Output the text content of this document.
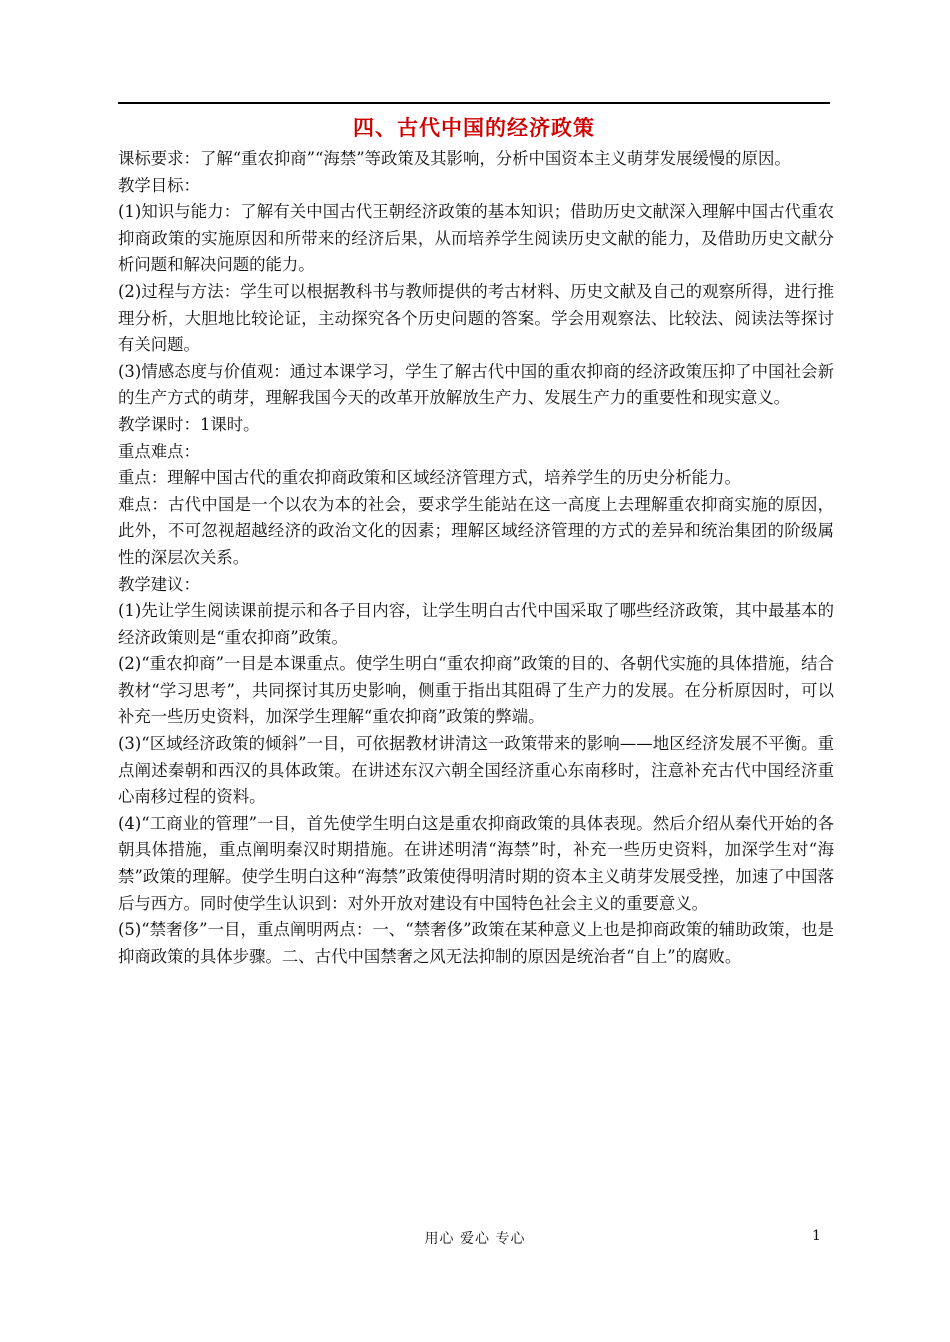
四、古代中国的经济政策

课标要求：了解“重农抑商”“海禁”等政策及其影响，分析中国资本主义萌芽发展缓慢的原因。

教学目标：

(1)知识与能力：了解有关中国古代王朝经济政策的基本知识；借助历史文献深入理解中国古代重农抑商政策的实施原因和所带来的经济后果，从而培养学生阅读历史文献的能力，及借助历史文献分析问题和解决问题的能力。

(2)过程与方法：学生可以根据教科书与教师提供的考古材料、历史文献及自己的观察所得，进行推理分析，大胆地比较论证，主动探究各个历史问题的答案。学会用观察法、比较法、阅读法等探讨有关问题。

(3)情感态度与价值观：通过本课学习，学生了解古代中国的重农抑商的经济政策压抑了中国社会新的生产方式的萌芽，理解我国今天的改革开放解放生产力、发展生产力的重要性和现实意义。

教学课时：1课时。

重点难点：

重点：理解中国古代的重农抑商政策和区域经济管理方式，培养学生的历史分析能力。

难点：古代中国是一个以农为本的社会，要求学生能站在这一高度上去理解重农抑商实施的原因，此外，不可忽视超越经济的政治文化的因素；理解区域经济管理的方式的差异和统治集团的阶级属性的深层次关系。

教学建议：

(1)先让学生阅读课前提示和各子目内容，让学生明白古代中国采取了哪些经济政策，其中最基本的经济政策则是“重农抑商”政策。

(2)“重农抑商”一目是本课重点。使学生明白“重农抑商”政策的目的、各朝代实施的具体措施，结合教材“学习思考”，共同探讨其历史影响，侧重于指出其阻碍了生产力的发展。在分析原因时，可以补充一些历史资料，加深学生理解“重农抑商”政策的弊端。

(3)“区域经济政策的倾斜”一目，可依据教材讲清这一政策带来的影响——地区经济发展不平衡。重点阐述秦朝和西汉的具体政策。在讲述东汉六朝全国经济重心东南移时，注意补充古代中国经济重心南移过程的资料。

(4)“工商业的管理”一目，首先使学生明白这是重农抑商政策的具体表现。然后介绍从秦代开始的各朝具体措施，重点阐明秦汉时期措施。在讲述明清“海禁”时，补充一些历史资料，加深学生对“海禁”政策的理解。使学生明白这种“海禁”政策使得明清时期的资本主义萌芽发展受挫，加速了中国落后与西方。同时使学生认识到：对外开放对建设有中国特色社会主义的重要意义。

(5)“禁奢侈”一目，重点阐明两点：一、“禁奢侈”政策在某种意义上也是抑商政策的辅助政策，也是抑商政策的具体步骤。二、古代中国禁奢之风无法抑制的原因是统治者“自上”的腐败。

用心 爱心 专心	1
